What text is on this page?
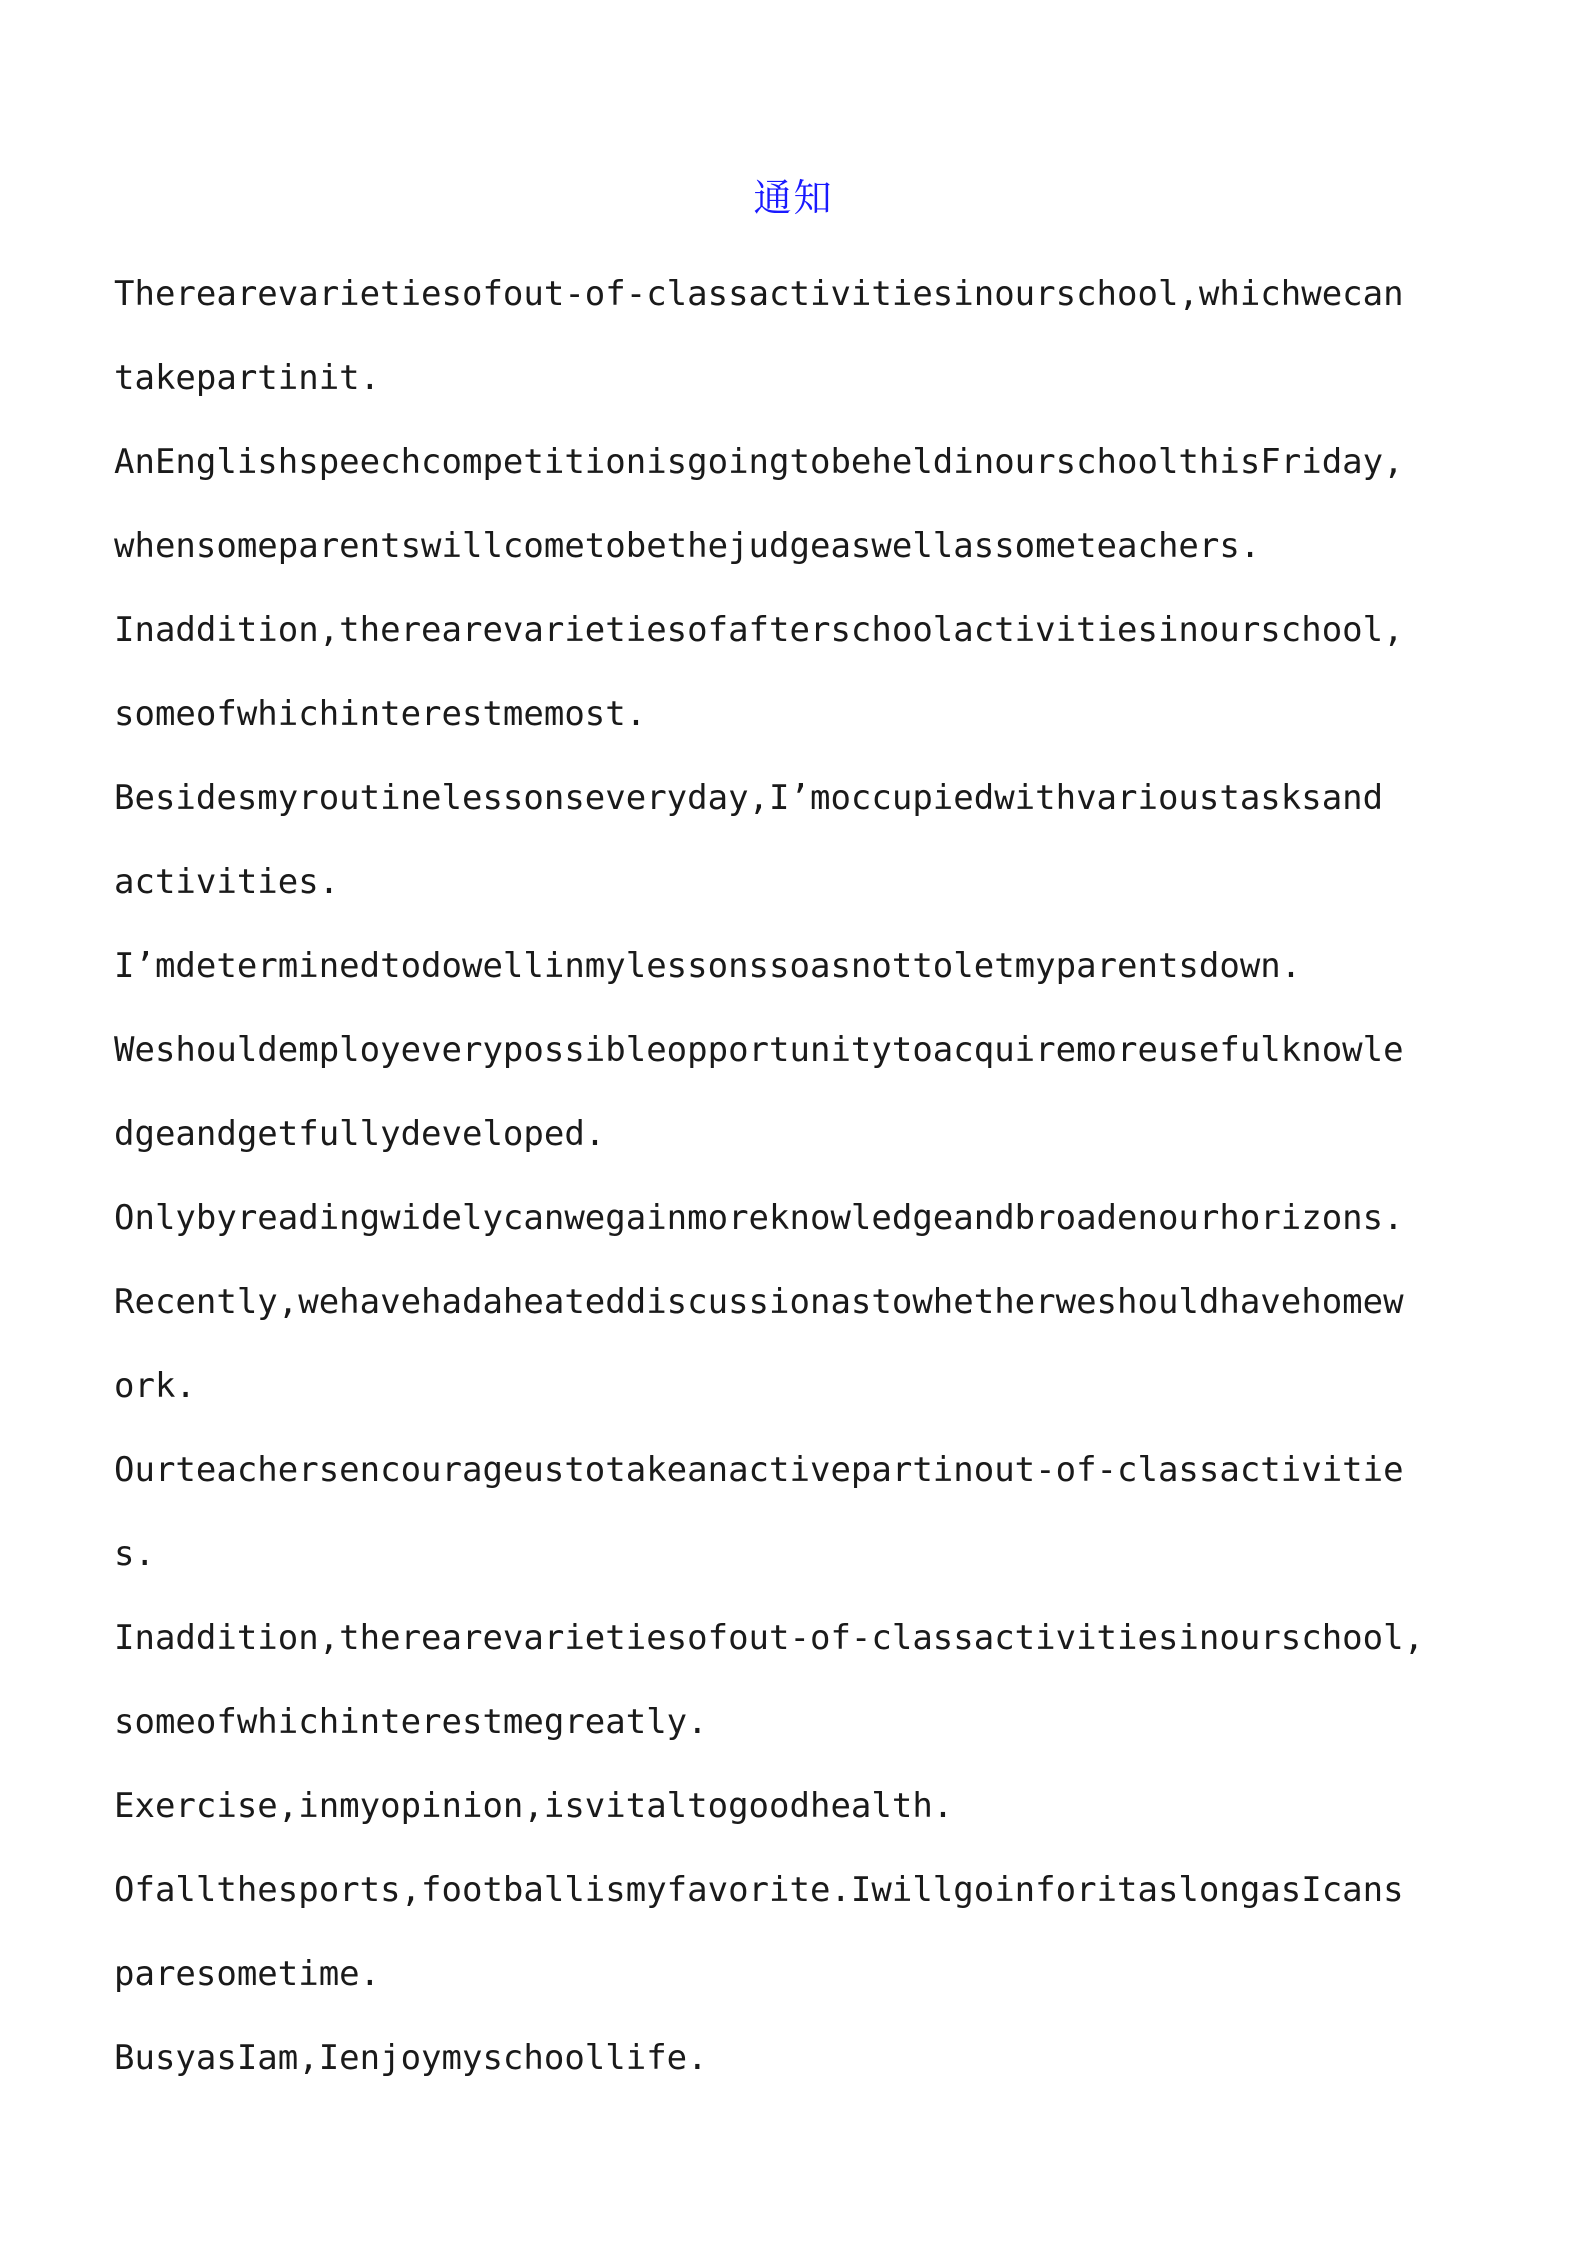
通知
Therearevarietiesofout-of-classactivitiesinourschool,whichwecan
takepartinit.
AnEnglishspeechcompetitionisgoingtobeheldinourschoolthisFriday,
whensomeparentswillcometobethejudgeaswellassometeachers.
Inaddition,therearevarietiesofafterschoolactivitiesinourschool,
someofwhichinterestmemost.
Besidesmyroutinelessonseveryday,I’moccupiedwithvarioustasksand
activities.
I’mdeterminedtodowellinmylessonssoasnottoletmyparentsdown.
Weshouldemployeverypossibleopportunitytoacquiremoreusefulknowle
dgeandgetfullydeveloped.
Onlybyreadingwidelycanwegainmoreknowledgeandbroadenourhorizons.
Recently,wehavehadaheateddiscussionastowhetherweshouldhavehomew
ork.
Ourteachersencourageustotakeanactivepartinout-of-classactivitie
s.
Inaddition,therearevarietiesofout-of-classactivitiesinourschool,
someofwhichinterestmegreatly.
Exercise,inmyopinion,isvitaltogoodhealth.
Ofallthesports,footballismyfavorite.IwillgoinforitaslongasIcans
paresometime.
BusyasIam,Ienjoymyschoollife.
